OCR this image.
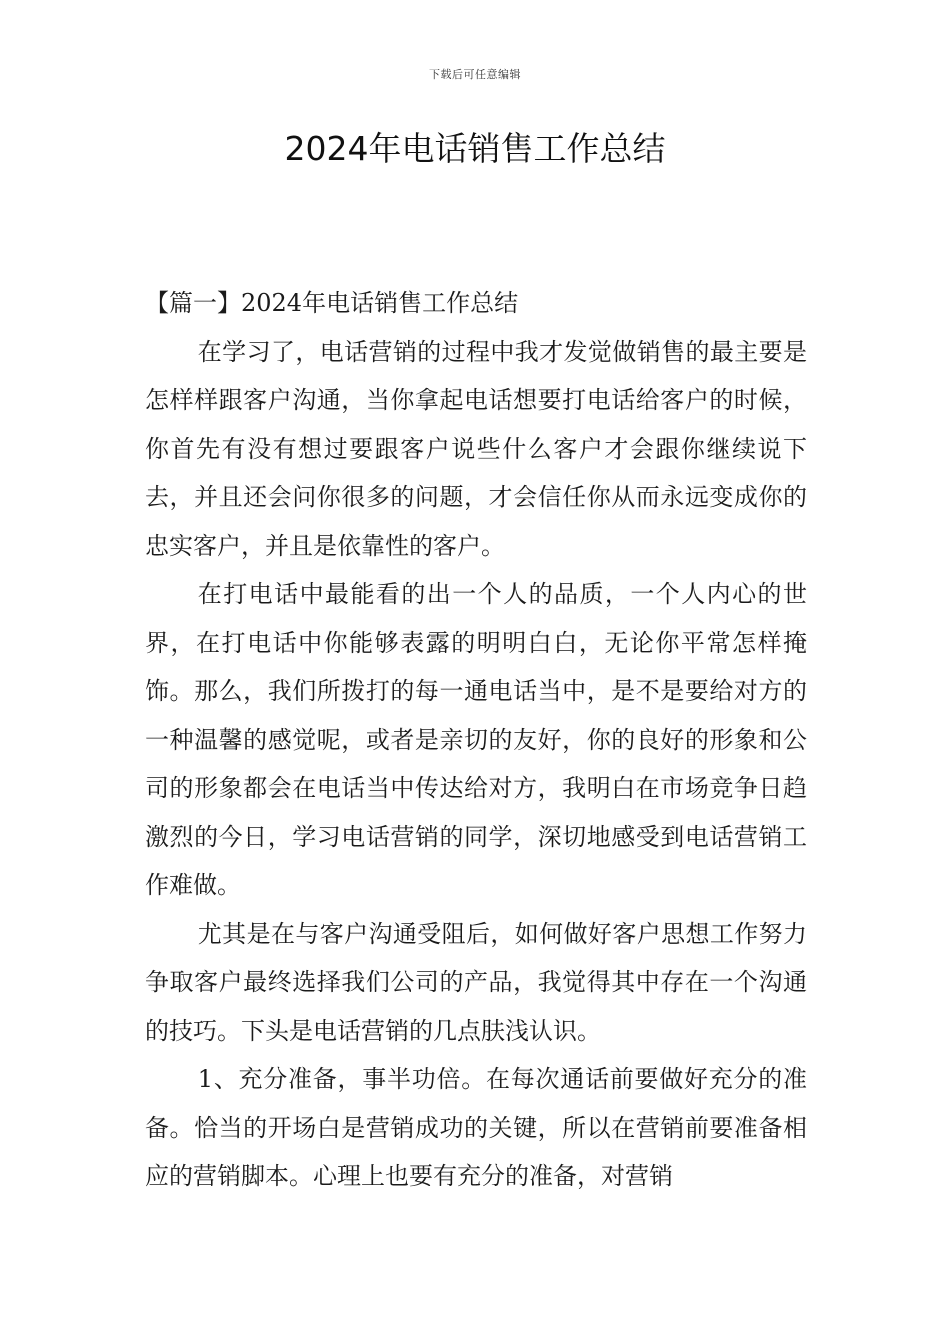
下载后可任意编辑
2024年电话销售工作总结

【篇一】2024年电话销售工作总结

在学习了，电话营销的过程中我才发觉做销售的最主要是怎样样跟客户沟通，当你拿起电话想要打电话给客户的时候，你首先有没有想过要跟客户说些什么客户才会跟你继续说下去，并且还会问你很多的问题，才会信任你从而永远变成你的忠实客户，并且是依靠性的客户。

在打电话中最能看的出一个人的品质，一个人内心的世界，在打电话中你能够表露的明明白白，无论你平常怎样掩饰。那么，我们所拨打的每一通电话当中，是不是要给对方的一种温馨的感觉呢，或者是亲切的友好，你的良好的形象和公司的形象都会在电话当中传达给对方，我明白在市场竞争日趋激烈的今日，学习电话营销的同学，深切地感受到电话营销工作难做。

尤其是在与客户沟通受阻后，如何做好客户思想工作努力争取客户最终选择我们公司的产品，我觉得其中存在一个沟通的技巧。下头是电话营销的几点肤浅认识。

1、充分准备，事半功倍。在每次通话前要做好充分的准备。恰当的开场白是营销成功的关键，所以在营销前要准备相应的营销脚本。心理上也要有充分的准备，对营销
